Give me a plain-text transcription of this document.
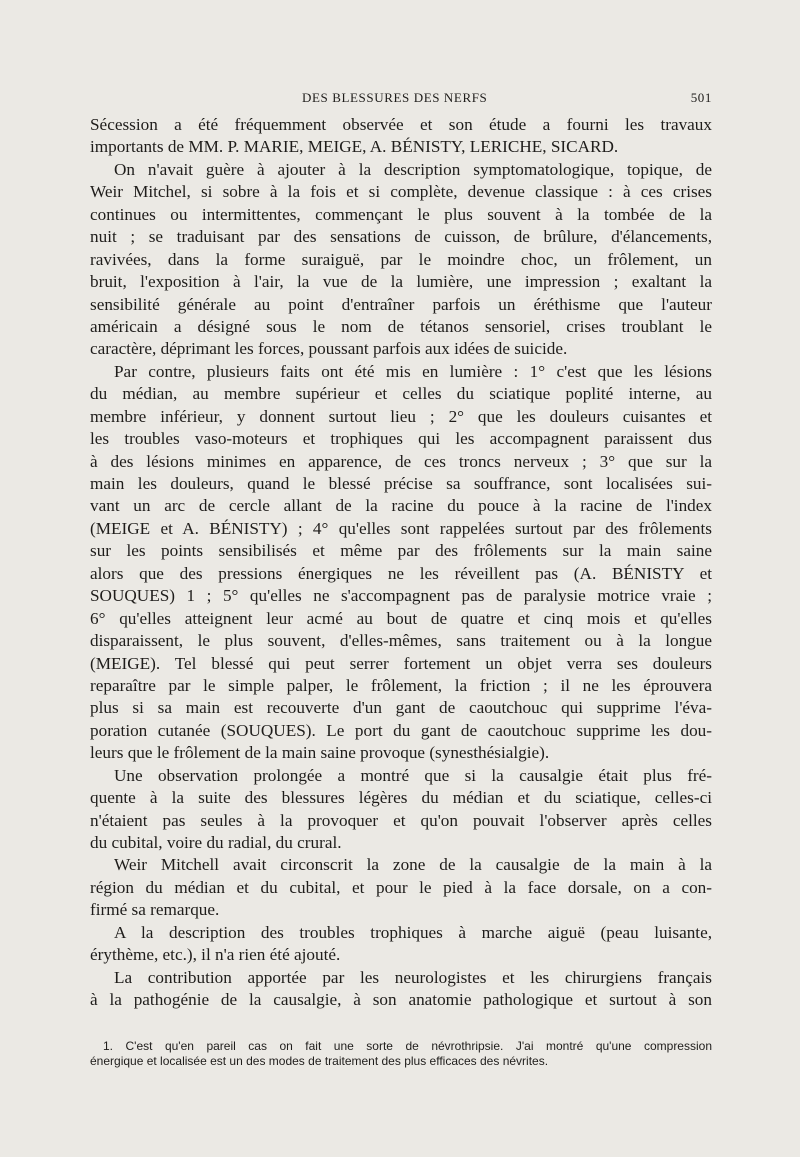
DES BLESSURES DES NERFS	501
Sécession a été fréquemment observée et son étude a fourni les travaux
importants de MM. P. MARIE, MEIGE, A. BÉNISTY, LERICHE, SICARD.
On n'avait guère à ajouter à la description symptomatologique, topique, de
Weir Mitchel, si sobre à la fois et si complète, devenue classique : à ces crises
continues ou intermittentes, commençant le plus souvent à la tombée de la
nuit ; se traduisant par des sensations de cuisson, de brûlure, d'élancements,
ravivées, dans la forme suraiguë, par le moindre choc, un frôlement, un
bruit, l'exposition à l'air, la vue de la lumière, une impression ; exaltant la
sensibilité générale au point d'entraîner parfois un éréthisme que l'auteur
américain a désigné sous le nom de tétanos sensoriel, crises troublant le
caractère, déprimant les forces, poussant parfois aux idées de suicide.
Par contre, plusieurs faits ont été mis en lumière : 1° c'est que les lésions
du médian, au membre supérieur et celles du sciatique poplité interne, au
membre inférieur, y donnent surtout lieu ; 2° que les douleurs cuisantes et
les troubles vaso-moteurs et trophiques qui les accompagnent paraissent dus
à des lésions minimes en apparence, de ces troncs nerveux ; 3° que sur la
main les douleurs, quand le blessé précise sa souffrance, sont localisées sui-
vant un arc de cercle allant de la racine du pouce à la racine de l'index
(MEIGE et A. BÉNISTY) ; 4° qu'elles sont rappelées surtout par des frôlements
sur les points sensibilisés et même par des frôlements sur la main saine
alors que des pressions énergiques ne les réveillent pas (A. BÉNISTY et
SOUQUES) 1 ; 5° qu'elles ne s'accompagnent pas de paralysie motrice vraie ;
6° qu'elles atteignent leur acmé au bout de quatre et cinq mois et qu'elles
disparaissent, le plus souvent, d'elles-mêmes, sans traitement ou à la longue
(MEIGE). Tel blessé qui peut serrer fortement un objet verra ses douleurs
reparaître par le simple palper, le frôlement, la friction ; il ne les éprouvera
plus si sa main est recouverte d'un gant de caoutchouc qui supprime l'éva-
poration cutanée (SOUQUES). Le port du gant de caoutchouc supprime les dou-
leurs que le frôlement de la main saine provoque (synesthésialgie).
Une observation prolongée a montré que si la causalgie était plus fré-
quente à la suite des blessures légères du médian et du sciatique, celles-ci
n'étaient pas seules à la provoquer et qu'on pouvait l'observer après celles
du cubital, voire du radial, du crural.
Weir Mitchell avait circonscrit la zone de la causalgie de la main à la
région du médian et du cubital, et pour le pied à la face dorsale, on a con-
firmé sa remarque.
A la description des troubles trophiques à marche aiguë (peau luisante,
érythème, etc.), il n'a rien été ajouté.
La contribution apportée par les neurologistes et les chirurgiens français
à la pathogénie de la causalgie, à son anatomie pathologique et surtout à son
1. C'est qu'en pareil cas on fait une sorte de névrothripsie. J'ai montré qu'une compression
énergique et localisée est un des modes de traitement des plus efficaces des névrites.
